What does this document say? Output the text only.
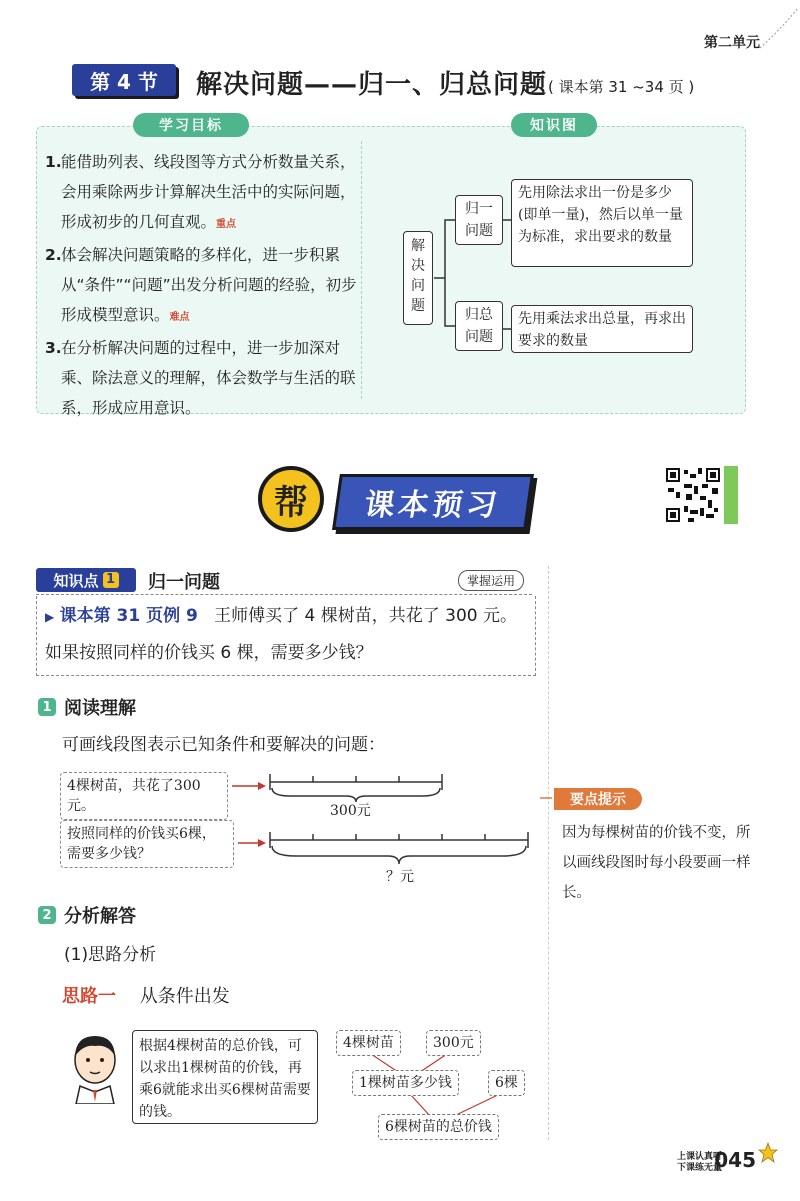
第二单元
第 4 节	解决问题——归一、归总问题 ( 课本第 31 ~34 页 )
学习目标	知识图
1. 能借助列表、线段图等方式分析数量关系，会用乘除两步计算解决生活中的实际问题，形成初步的几何直观。重点
2. 体会解决问题策略的多样化，进一步积累从“条件”“问题”出发分析问题的经验，初步形成模型意识。难点
3. 在分析解决问题的过程中，进一步加深对乘、除法意义的理解，体会数学与生活的联系，形成应用意识。
解决问题
归一问题
归总问题
先用除法求出一份是多少(即单一量)，然后以单一量为标准，求出要求的数量
先用乘法求出总量，再求出要求的数量
帮	课本预习
知识点 1 归一问题	掌握运用
▶ 课本第 31 页例 9 王师傅买了 4 棵树苗，共花了 300 元。如果按照同样的价钱买 6 棵，需要多少钱？
1 阅读理解
可画线段图表示已知条件和要解决的问题：
4棵树苗，共花了300元。
按照同样的价钱买6棵，需要多少钱？
300元
？元
要点提示
因为每棵树苗的价钱不变，所以画线段图时每小段要画一样长。
2 分析解答
(1)思路分析
思路一 从条件出发
根据4棵树苗的总价钱，可以求出1棵树苗的价钱，再乘6就能求出买6棵树苗需要的钱。
4棵树苗	300元
1棵树苗多少钱	6棵
6棵树苗的总价钱
上课认真听
下课练无量
045
